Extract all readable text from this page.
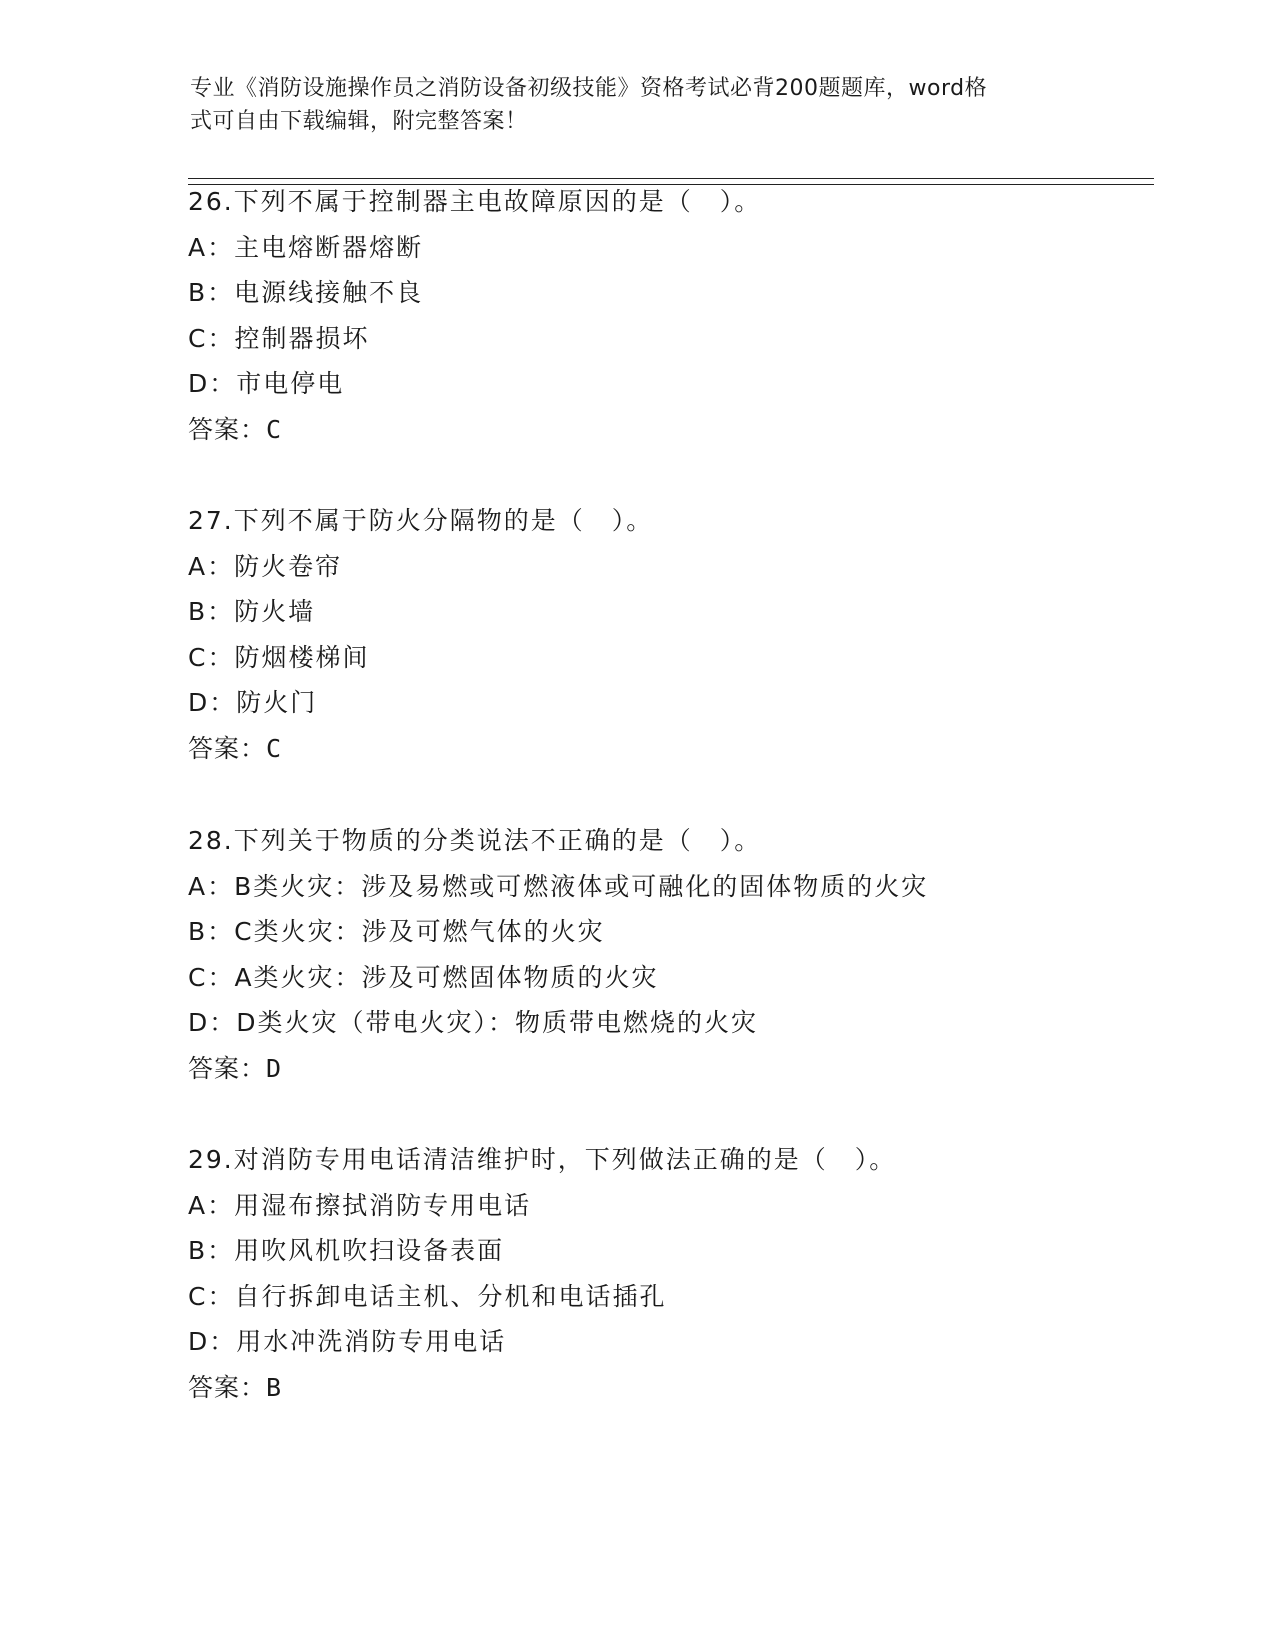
专业《消防设施操作员之消防设备初级技能》资格考试必背200题题库，word格
式可自由下载编辑，附完整答案！
26.下列不属于控制器主电故障原因的是（　）。
A：主电熔断器熔断
B：电源线接触不良
C：控制器损坏
D：市电停电
答案：C
27.下列不属于防火分隔物的是（　）。
A：防火卷帘
B：防火墙
C：防烟楼梯间
D：防火门
答案：C
28.下列关于物质的分类说法不正确的是（　）。
A：B类火灾：涉及易燃或可燃液体或可融化的固体物质的火灾
B：C类火灾：涉及可燃气体的火灾
C：A类火灾：涉及可燃固体物质的火灾
D：D类火灾（带电火灾）：物质带电燃烧的火灾
答案：D
29.对消防专用电话清洁维护时，下列做法正确的是（　）。
A：用湿布擦拭消防专用电话
B：用吹风机吹扫设备表面
C：自行拆卸电话主机、分机和电话插孔
D：用水冲洗消防专用电话
答案：B
